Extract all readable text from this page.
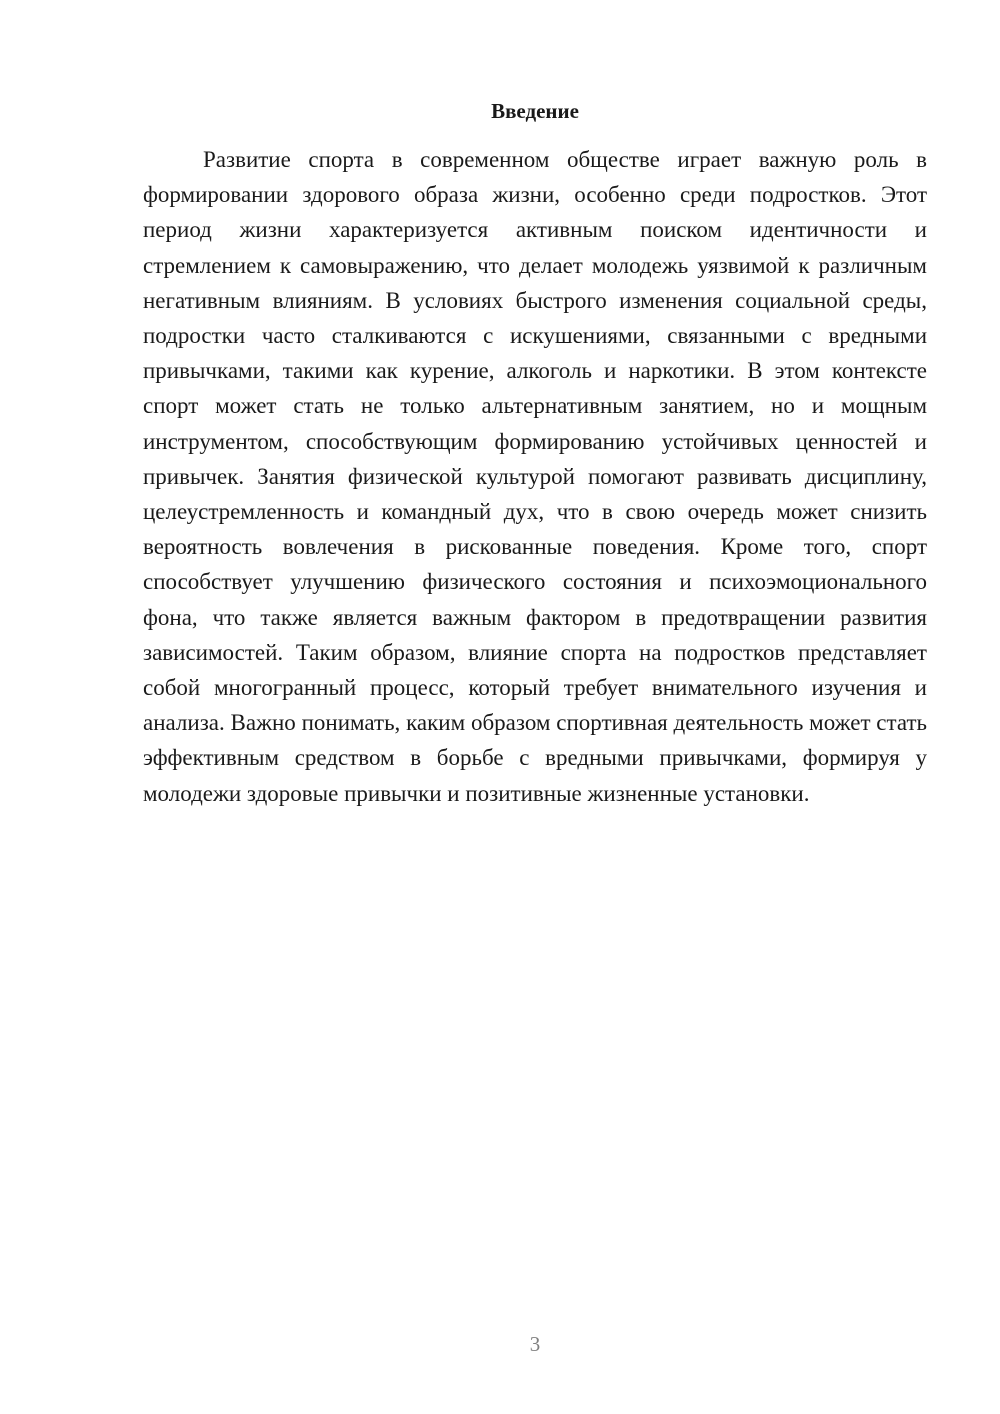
Введение

Развитие спорта в современном обществе играет важную роль в формировании здорового образа жизни, особенно среди подростков. Этот период жизни характеризуется активным поиском идентичности и стремлением к самовыражению, что делает молодежь уязвимой к различным негативным влияниям. В условиях быстрого изменения социальной среды, подростки часто сталкиваются с искушениями, связанными с вредными привычками, такими как курение, алкоголь и наркотики. В этом контексте спорт может стать не только альтернативным занятием, но и мощным инструментом, способствующим формированию устойчивых ценностей и привычек. Занятия физической культурой помогают развивать дисциплину, целеустремленность и командный дух, что в свою очередь может снизить вероятность вовлечения в рискованные поведения. Кроме того, спорт способствует улучшению физического состояния и психоэмоционального фона, что также является важным фактором в предотвращении развития зависимостей. Таким образом, влияние спорта на подростков представляет собой многогранный процесс, который требует внимательного изучения и анализа. Важно понимать, каким образом спортивная деятельность может стать эффективным средством в борьбе с вредными привычками, формируя у молодежи здоровые привычки и позитивные жизненные установки.

3
